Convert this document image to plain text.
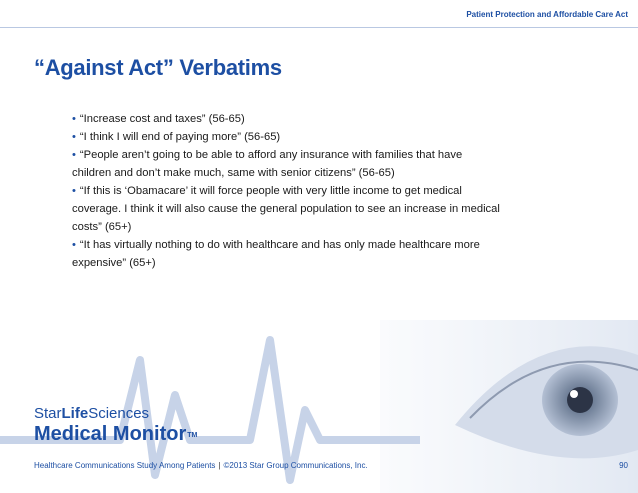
Patient Protection and Affordable Care Act
“Against Act” Verbatims
• “Increase cost and taxes” (56-65)
• “I think I will end of paying more” (56-65)
• “People aren’t going to be able to afford any insurance with families that have
children and don’t make much, same with senior citizens” (56-65)
• “If this is ‘Obamacare’ it will force people with very little income to get medical
coverage. I think it will also cause the general population to see an increase in medical
costs” (65+)
• “It has virtually nothing to do with healthcare and has only made healthcare more
expensive” (65+)
StarLifeSciences
Medical Monitor™
Healthcare Communications Study Among Patients | ©2013 Star Group Communications, Inc.	90
